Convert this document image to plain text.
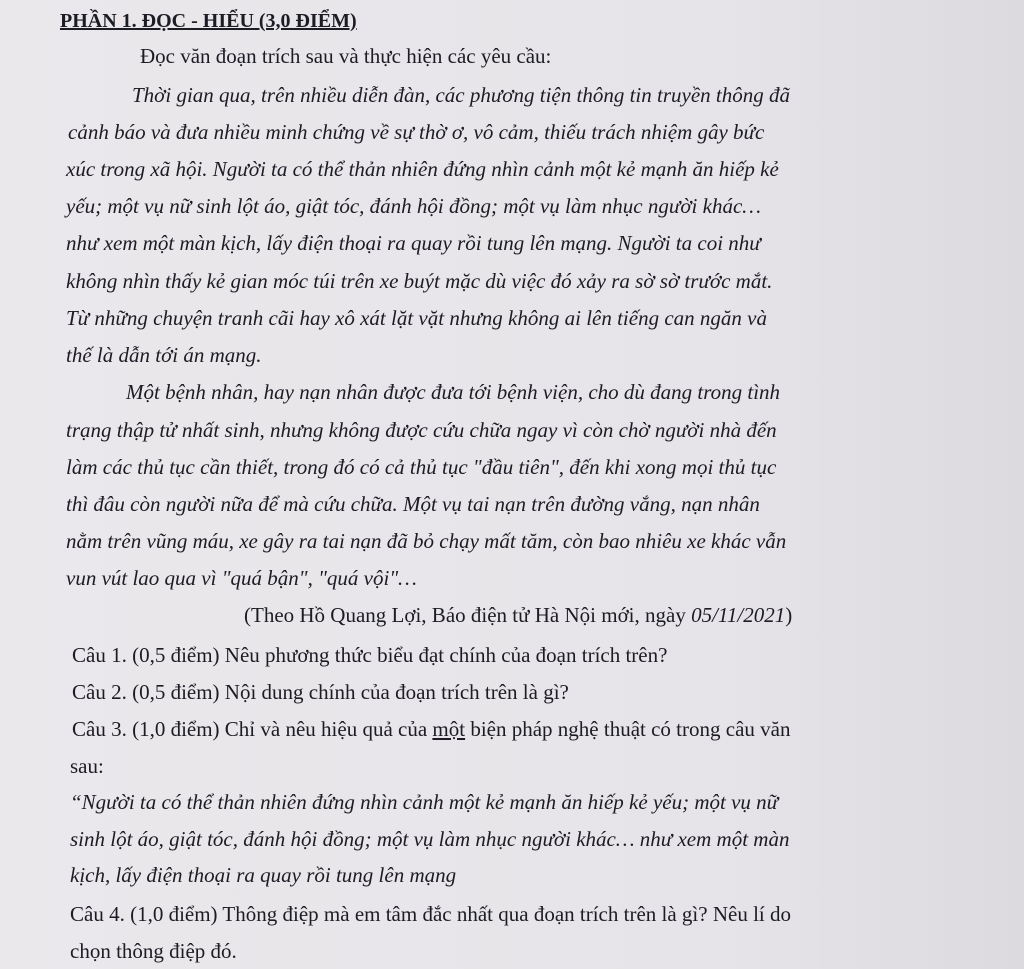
PHẦN 1. ĐỌC - HIỂU (3,0 ĐIỂM)
Đọc văn đoạn trích sau và thực hiện các yêu cầu:
Thời gian qua, trên nhiều diễn đàn, các phương tiện thông tin truyền thông đã
cảnh báo và đưa nhiều minh chứng về sự thờ ơ, vô cảm, thiếu trách nhiệm gây bức
xúc trong xã hội. Người ta có thể thản nhiên đứng nhìn cảnh một kẻ mạnh ăn hiếp kẻ
yếu; một vụ nữ sinh lột áo, giật tóc, đánh hội đồng; một vụ làm nhục người khác…
như xem một màn kịch, lấy điện thoại ra quay rồi tung lên mạng. Người ta coi như
không nhìn thấy kẻ gian móc túi trên xe buýt mặc dù việc đó xảy ra sờ sờ trước mắt.
Từ những chuyện tranh cãi hay xô xát lặt vặt nhưng không ai lên tiếng can ngăn và
thế là dẫn tới án mạng.
Một bệnh nhân, hay nạn nhân được đưa tới bệnh viện, cho dù đang trong tình
trạng thập tử nhất sinh, nhưng không được cứu chữa ngay vì còn chờ người nhà đến
làm các thủ tục cần thiết, trong đó có cả thủ tục "đầu tiên", đến khi xong mọi thủ tục
thì đâu còn người nữa để mà cứu chữa. Một vụ tai nạn trên đường vắng, nạn nhân
nằm trên vũng máu, xe gây ra tai nạn đã bỏ chạy mất tăm, còn bao nhiêu xe khác vẫn
vun vút lao qua vì "quá bận", "quá vội"…
(Theo Hồ Quang Lợi, Báo điện tử Hà Nội mới, ngày 05/11/2021)
Câu 1. (0,5 điểm) Nêu phương thức biểu đạt chính của đoạn trích trên?
Câu 2. (0,5 điểm) Nội dung chính của đoạn trích trên là gì?
Câu 3. (1,0 điểm) Chỉ và nêu hiệu quả của một biện pháp nghệ thuật có trong câu văn
sau:
“Người ta có thể thản nhiên đứng nhìn cảnh một kẻ mạnh ăn hiếp kẻ yếu; một vụ nữ
sinh lột áo, giật tóc, đánh hội đồng; một vụ làm nhục người khác… như xem một màn
kịch, lấy điện thoại ra quay rồi tung lên mạng
Câu 4. (1,0 điểm) Thông điệp mà em tâm đắc nhất qua đoạn trích trên là gì? Nêu lí do
chọn thông điệp đó.
